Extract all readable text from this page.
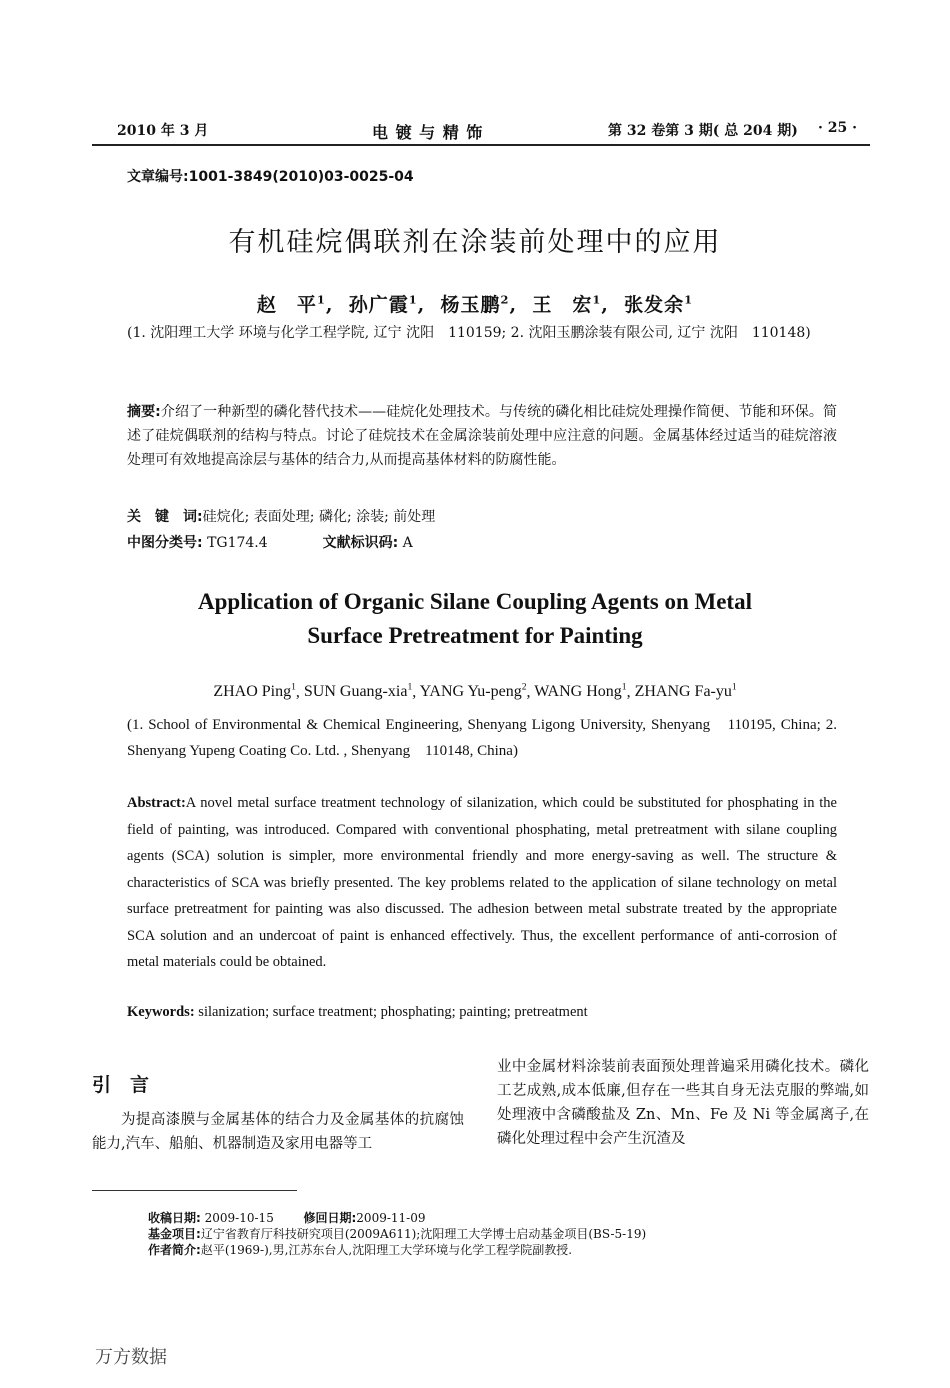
2010 年 3 月	电 镀 与 精 饰	第 32 卷第 3 期( 总 204 期) · 25 ·
文章编号:1001-3849(2010)03-0025-04
有机硅烷偶联剂在涂装前处理中的应用
赵　平$^1$,  孙广霞$^1$,  杨玉鹏$^2$,  王　宏$^1$,  张发余$^1$
(1. 沈阳理工大学 环境与化学工程学院, 辽宁 沈阳　110159; 2. 沈阳玉鹏涂装有限公司, 辽宁 沈阳　110148)
摘要:介绍了一种新型的磷化替代技术——硅烷化处理技术。与传统的磷化相比硅烷处理操作简便、节能和环保。简述了硅烷偶联剂的结构与特点。讨论了硅烷技术在金属涂装前处理中应注意的问题。金属基体经过适当的硅烷溶液处理可有效地提高涂层与基体的结合力,从而提高基体材料的防腐性能。
关　键　词:硅烷化; 表面处理; 磷化; 涂装; 前处理
中图分类号: TG174.4	文献标识码: A
Application of Organic Silane Coupling Agents on Metal
Surface Pretreatment for Painting
ZHAO Ping$^1$, SUN Guang-xia$^1$, YANG Yu-peng$^2$, WANG Hong$^1$, ZHANG $Fa-yu^1$
(1. School of Environmental & Chemical Engineering, Shenyang Ligong University, Shenyang　110195, China; 2. Shenyang Yupeng Coating Co. Ltd. , Shenyang　110148, China)
Abstract:A novel metal surface treatment technology of silanization, which could be substituted for phosphating in the field of painting, was introduced. Compared with conventional phosphating, metal pretreatment with silane coupling agents (SCA) solution is simpler, more environmental friendly and more energy-saving as well. The structure & characteristics of SCA was briefly presented. The key problems related to the application of silane technology on metal surface pretreatment for painting was also discussed. The adhesion between metal substrate treated by the appropriate SCA solution and an undercoat of paint is enhanced effectively. Thus, the excellent performance of anti-corrosion of metal materials could be obtained.
Keywords: silanization; surface treatment; phosphating; painting; pretreatment
引　言

为提高漆膜与金属基体的结合力及金属基体的抗腐蚀能力,汽车、船舶、机器制造及家用电器等工

业中金属材料涂装前表面预处理普遍采用磷化技术。磷化工艺成熟,成本低廉,但存在一些其自身无法克服的弊端,如处理液中含磷酸盐及 Zn、Mn、Fe 及 Ni 等金属离子,在磷化处理过程中会产生沉渣及

收稿日期: 2009-10-15 修回日期:2009-11-09
基金项目:辽宁省教育厅科技研究项目(2009A611);沈阳理工大学博士启动基金项目(BS-5-19)
作者简介:赵平(1969-),男,江苏东台人,沈阳理工大学环境与化学工程学院副教授.
万方数据
